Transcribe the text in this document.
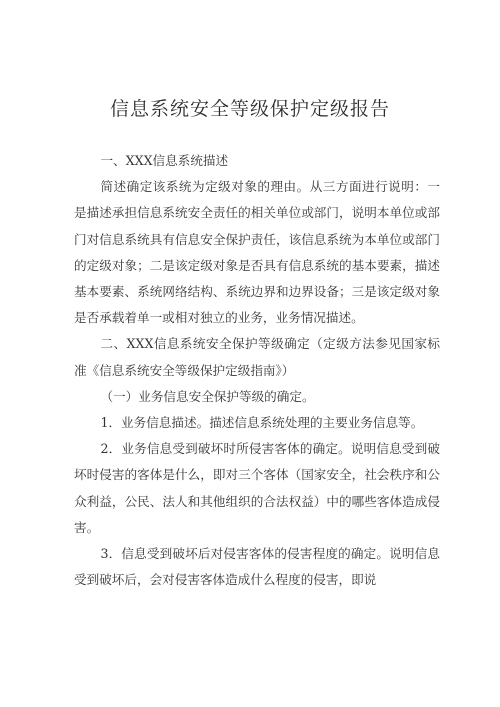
信息系统安全等级保护定级报告

一、XXX信息系统描述

简述确定该系统为定级对象的理由。从三方面进行说明：一是描述承担信息系统安全责任的相关单位或部门，说明本单位或部门对信息系统具有信息安全保护责任，该信息系统为本单位或部门的定级对象；二是该定级对象是否具有信息系统的基本要素，描述基本要素、系统网络结构、系统边界和边界设备；三是该定级对象是否承载着单一或相对独立的业务，业务情况描述。

二、XXX信息系统安全保护等级确定（定级方法参见国家标准《信息系统安全等级保护定级指南》）

（一）业务信息安全保护等级的确定。

1．业务信息描述。描述信息系统处理的主要业务信息等。

2．业务信息受到破坏时所侵害客体的确定。说明信息受到破坏时侵害的客体是什么，即对三个客体（国家安全，社会秩序和公众利益，公民、法人和其他组织的合法权益）中的哪些客体造成侵害。

3．信息受到破坏后对侵害客体的侵害程度的确定。说明信息受到破坏后，会对侵害客体造成什么程度的侵害，即说
